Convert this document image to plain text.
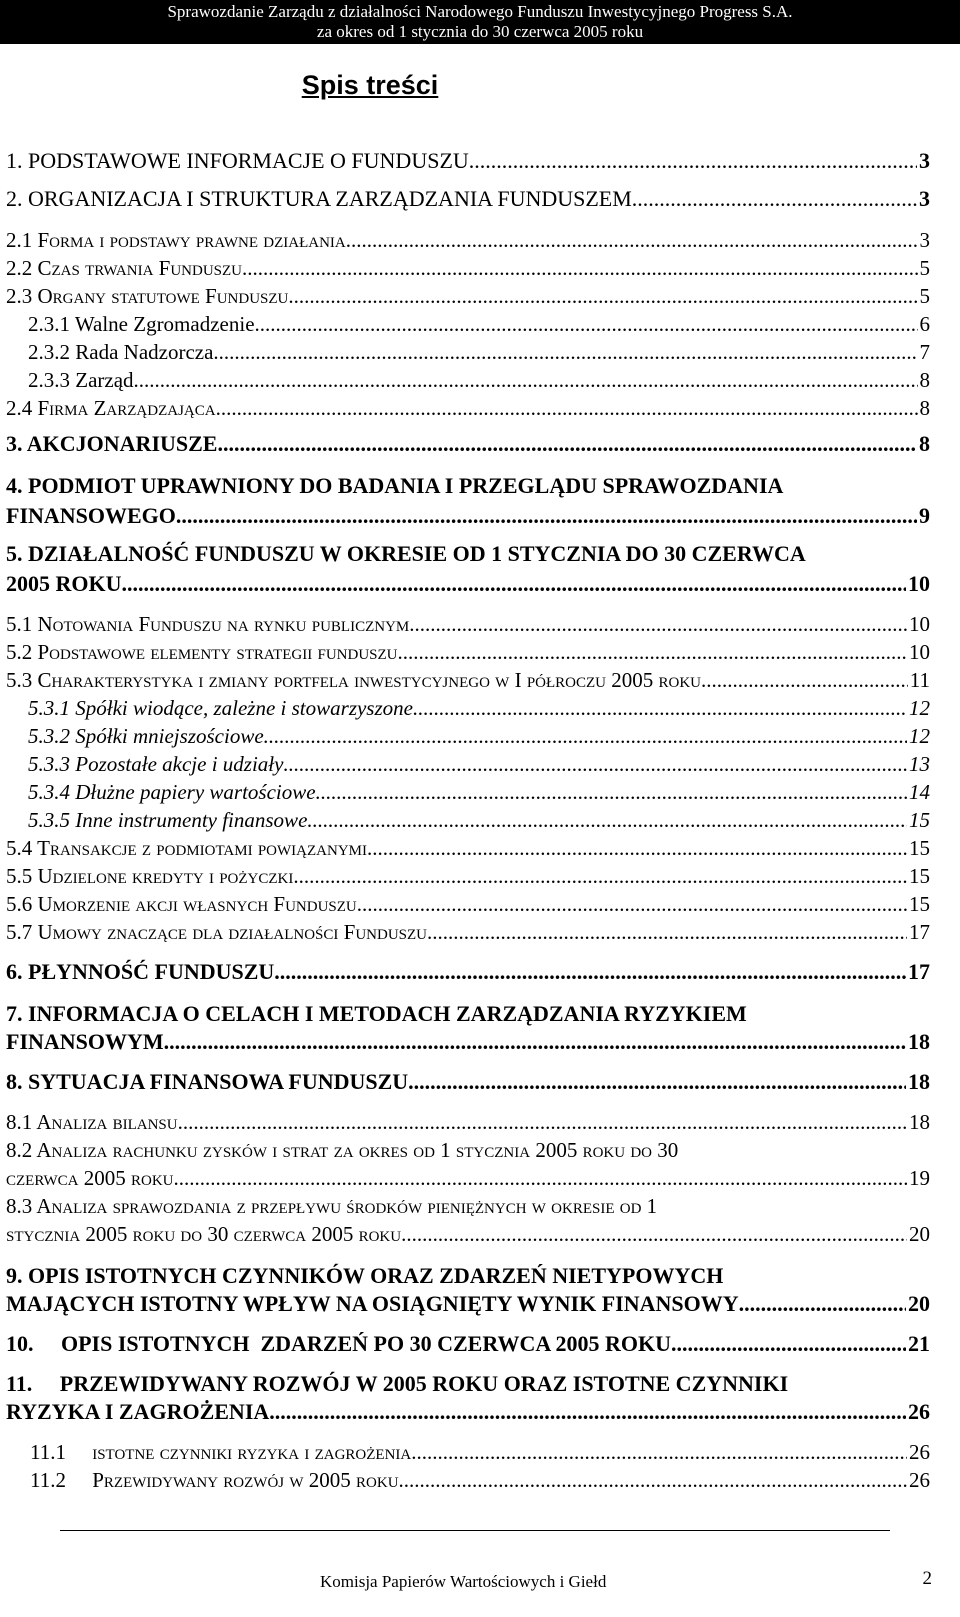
Sprawozdanie Zarządu z działalności Narodowego Funduszu Inwestycyjnego Progress S.A.
za okres od 1 stycznia do 30 czerwca 2005 roku
Spis treści
1. PODSTAWOWE INFORMACJE O FUNDUSZU .....	3
2. ORGANIZACJA I STRUKTURA ZARZĄDZANIA FUNDUSZEM .....	3
2.1 Forma i podstawy prawne działania .....	3
2.2 Czas trwania Funduszu .....	5
2.3 Organy statutowe Funduszu .....	5
2.3.1 Walne Zgromadzenie .....	6
2.3.2 Rada Nadzorcza .....	7
2.3.3 Zarząd .....	8
2.4 Firma Zarządzająca .....	8
3. AKCJONARIUSZE .....	8
4. PODMIOT UPRAWNIONY DO BADANIA I PRZEGLĄDU SPRAWOZDANIA
FINANSOWEGO .....	9
5. DZIAŁALNOŚĆ FUNDUSZU W OKRESIE OD 1 STYCZNIA DO 30 CZERWCA
2005 ROKU .....	10
5.1 Notowania Funduszu na rynku publicznym .....	10
5.2 Podstawowe elementy strategii funduszu .....	10
5.3 Charakterystyka i zmiany portfela inwestycyjnego w I półroczu 2005 roku .....	11
5.3.1 Spółki wiodące, zależne i stowarzyszone .....	12
5.3.2 Spółki mniejszościowe .....	12
5.3.3 Pozostałe akcje i udziały .....	13
5.3.4 Dłużne papiery wartościowe .....	14
5.3.5 Inne instrumenty finansowe .....	15
5.4 Transakcje z podmiotami powiązanymi .....	15
5.5 Udzielone kredyty i pożyczki .....	15
5.6 Umorzenie akcji własnych Funduszu .....	15
5.7 Umowy znaczące dla działalności Funduszu .....	17
6. PŁYNNOŚĆ FUNDUSZU .....	17
7. INFORMACJA O CELACH I METODACH ZARZĄDZANIA RYZYKIEM
FINANSOWYM .....	18
8. SYTUACJA FINANSOWA FUNDUSZU .....	18
8.1 Analiza bilansu .....	18
8.2 Analiza rachunku zysków i strat za okres od 1 stycznia 2005 roku do 30
czerwca 2005 roku .....	19
8.3 Analiza sprawozdania z przepływu środków pieniężnych w okresie od 1
stycznia 2005 roku do 30 czerwca 2005 roku .....	20
9. OPIS ISTOTNYCH CZYNNIKÓW ORAZ ZDARZEŃ NIETYPOWYCH
MAJĄCYCH ISTOTNY WPŁYW NA OSIĄGNIĘTY WYNIK FINANSOWY .....	20
10.     OPIS ISTOTNYCH  ZDARZEŃ PO 30 CZERWCA 2005 ROKU .....	21
11.     PRZEWIDYWANY ROZWÓJ W 2005 ROKU ORAZ ISTOTNE CZYNNIKI
RYZYKA I ZAGROŻENIA .....	26
11.1     istotne czynniki ryzyka i zagrożenia .....	26
11.2     Przewidywany rozwój w 2005 roku .....	26
Komisja Papierów Wartościowych i Giełd	2
